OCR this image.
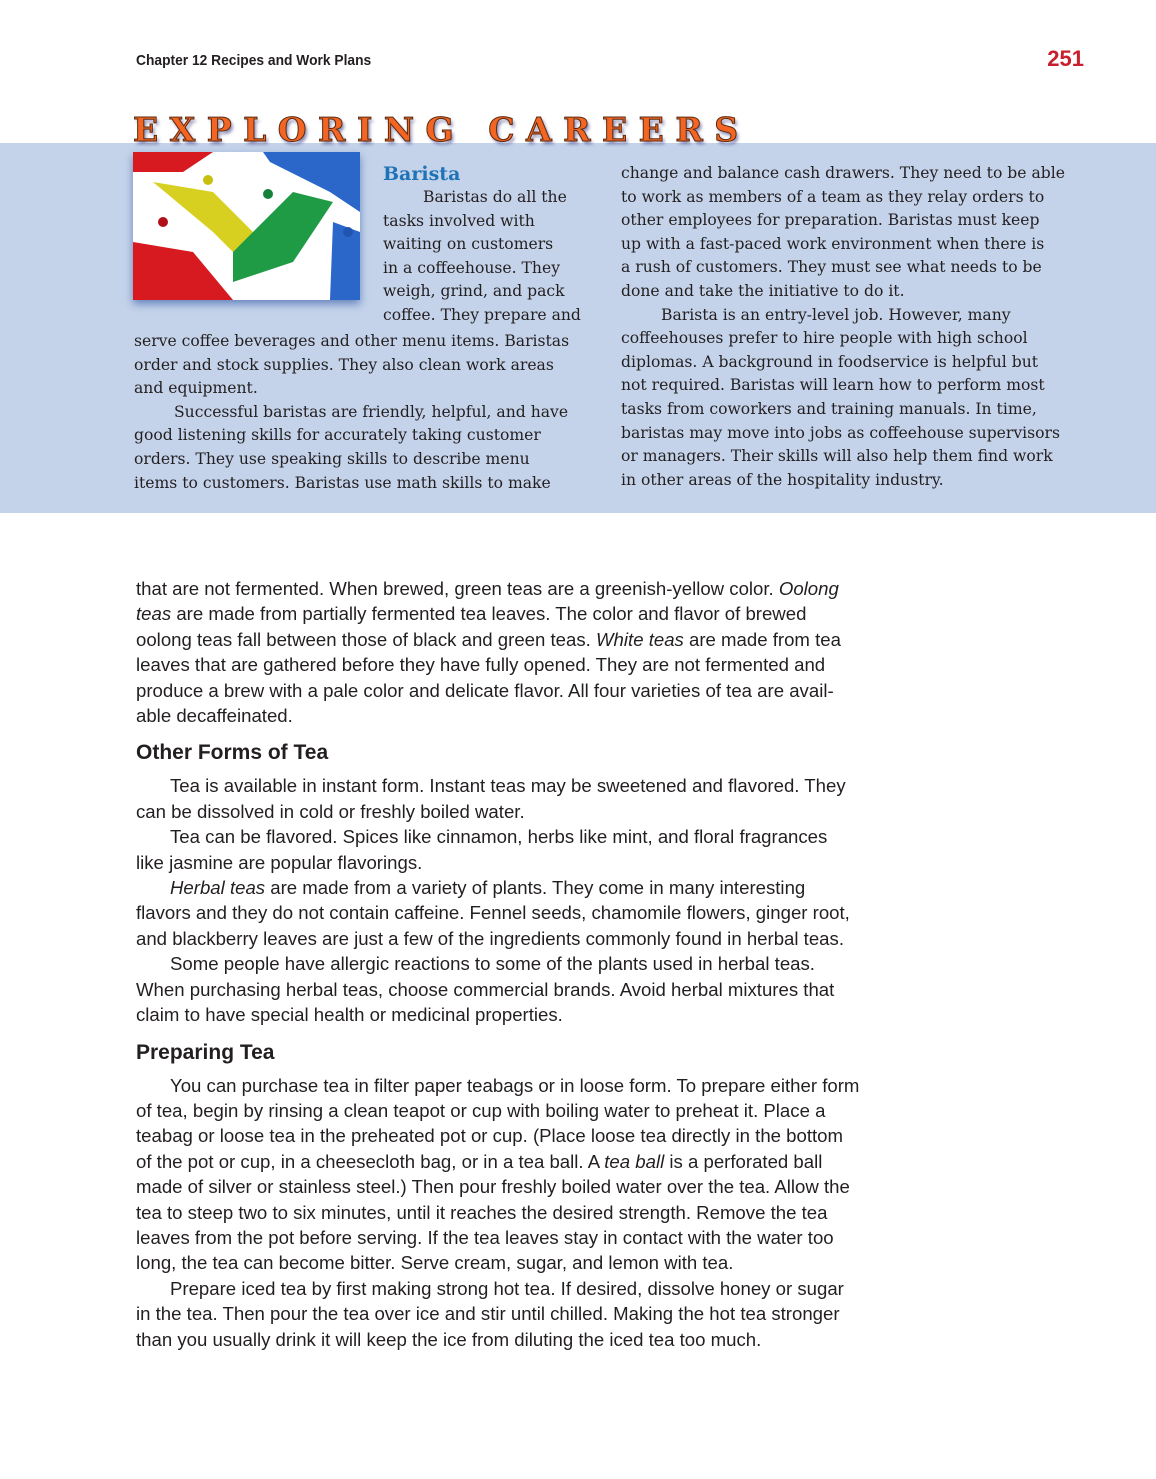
Chapter 12 Recipes and Work Plans	251
EXPLORING CAREERS
Barista
Baristas do all the
tasks involved with
waiting on customers
in a coffeehouse. They
weigh, grind, and pack
coffee. They prepare and
serve coffee beverages and other menu items. Baristas
order and stock supplies. They also clean work areas
and equipment.
Successful baristas are friendly, helpful, and have
good listening skills for accurately taking customer
orders. They use speaking skills to describe menu
items to customers. Baristas use math skills to make
change and balance cash drawers. They need to be able
to work as members of a team as they relay orders to
other employees for preparation. Baristas must keep
up with a fast-paced work environment when there is
a rush of customers. They must see what needs to be
done and take the initiative to do it.
Barista is an entry-level job. However, many
coffeehouses prefer to hire people with high school
diplomas. A background in foodservice is helpful but
not required. Baristas will learn how to perform most
tasks from coworkers and training manuals. In time,
baristas may move into jobs as coffeehouse supervisors
or managers. Their skills will also help them find work
in other areas of the hospitality industry.
that are not fermented. When brewed, green teas are a greenish-yellow color. Oolong
teas are made from partially fermented tea leaves. The color and flavor of brewed
oolong teas fall between those of black and green teas. White teas are made from tea
leaves that are gathered before they have fully opened. They are not fermented and
produce a brew with a pale color and delicate flavor. All four varieties of tea are avail-
able decaffeinated.
Other Forms of Tea
Tea is available in instant form. Instant teas may be sweetened and flavored. They
can be dissolved in cold or freshly boiled water.
Tea can be flavored. Spices like cinnamon, herbs like mint, and floral fragrances
like jasmine are popular flavorings.
Herbal teas are made from a variety of plants. They come in many interesting
flavors and they do not contain caffeine. Fennel seeds, chamomile flowers, ginger root,
and blackberry leaves are just a few of the ingredients commonly found in herbal teas.
Some people have allergic reactions to some of the plants used in herbal teas.
When purchasing herbal teas, choose commercial brands. Avoid herbal mixtures that
claim to have special health or medicinal properties.
Preparing Tea
You can purchase tea in filter paper teabags or in loose form. To prepare either form
of tea, begin by rinsing a clean teapot or cup with boiling water to preheat it. Place a
teabag or loose tea in the preheated pot or cup. (Place loose tea directly in the bottom
of the pot or cup, in a cheesecloth bag, or in a tea ball. A tea ball is a perforated ball
made of silver or stainless steel.) Then pour freshly boiled water over the tea. Allow the
tea to steep two to six minutes, until it reaches the desired strength. Remove the tea
leaves from the pot before serving. If the tea leaves stay in contact with the water too
long, the tea can become bitter. Serve cream, sugar, and lemon with tea.
Prepare iced tea by first making strong hot tea. If desired, dissolve honey or sugar
in the tea. Then pour the tea over ice and stir until chilled. Making the hot tea stronger
than you usually drink it will keep the ice from diluting the iced tea too much.
